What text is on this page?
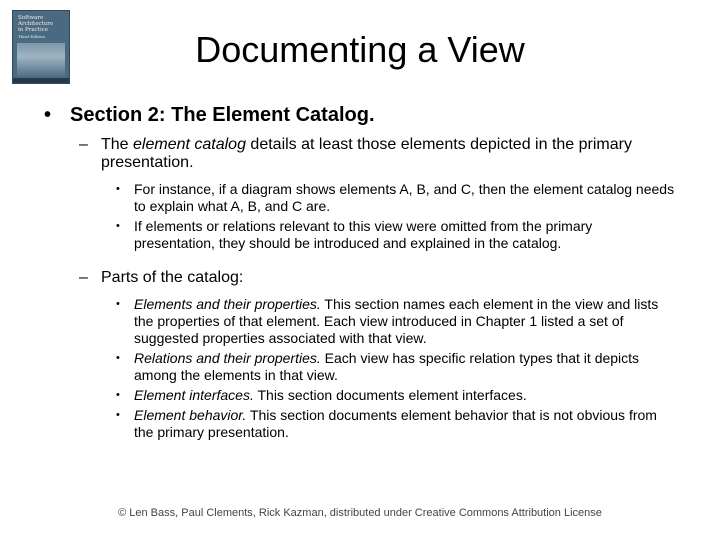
Software
Architecture
in Practice
Third Edition	Documenting a View
• Section 2: The Element Catalog.
– The element catalog details at least those elements depicted in the primary presentation.
• For instance, if a diagram shows elements A, B, and C, then the element catalog needs to explain what A, B, and C are.
• If elements or relations relevant to this view were omitted from the primary presentation, they should be introduced and explained in the catalog.
– Parts of the catalog:
• Elements and their properties. This section names each element in the view and lists the properties of that element. Each view introduced in Chapter 1 listed a set of suggested properties associated with that view.
• Relations and their properties. Each view has specific relation types that it depicts among the elements in that view.
• Element interfaces. This section documents element interfaces.
• Element behavior. This section documents element behavior that is not obvious from the primary presentation.
© Len Bass, Paul Clements, Rick Kazman, distributed under Creative Commons Attribution License
